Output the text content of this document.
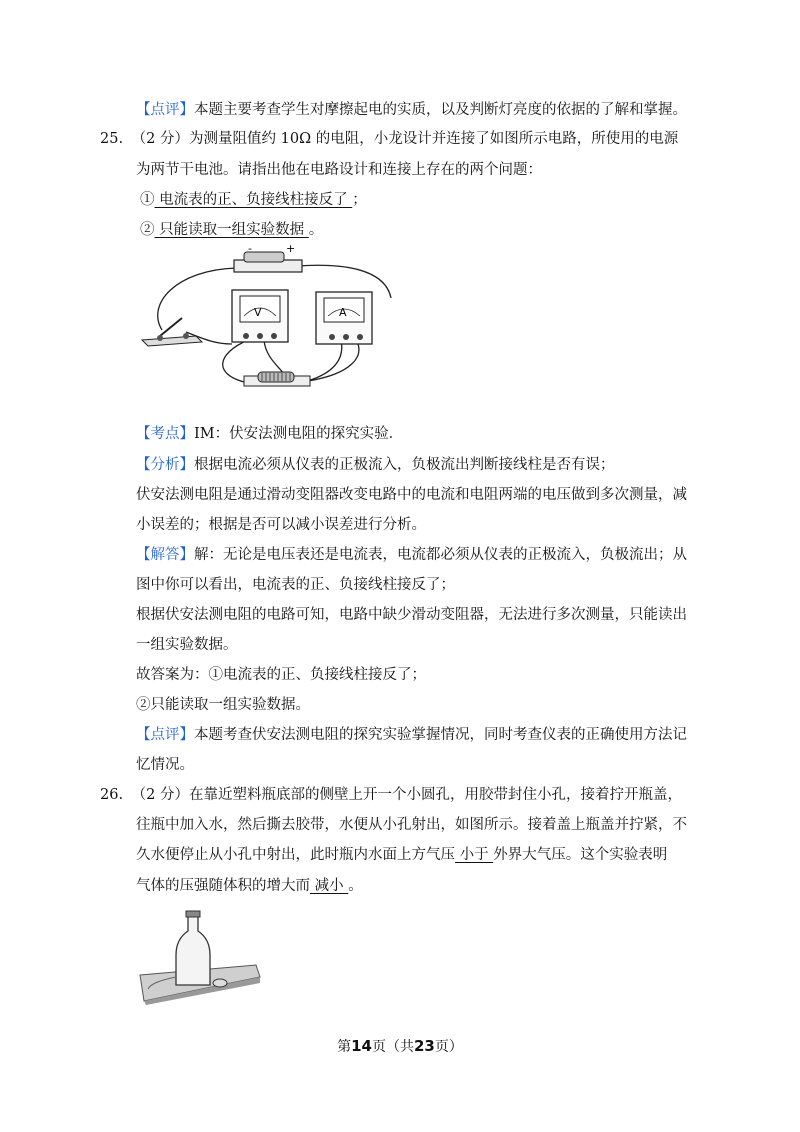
【点评】本题主要考查学生对摩擦起电的实质，以及判断灯亮度的依据的了解和掌握。
25. （2 分）为测量阻值约 10Ω 的电阻，小龙设计并连接了如图所示电路，所使用的电源
为两节干电池。请指出他在电路设计和连接上存在的两个问题：
① 电流表的正、负接线柱接反了 ；
② 只能读取一组实验数据 。
-	+
V	A
【考点】IM：伏安法测电阻的探究实验．
【分析】根据电流必须从仪表的正极流入，负极流出判断接线柱是否有误；
伏安法测电阻是通过滑动变阻器改变电路中的电流和电阻两端的电压做到多次测量，减
小误差的；根据是否可以减小误差进行分析。
【解答】解：无论是电压表还是电流表，电流都必须从仪表的正极流入，负极流出；从
图中你可以看出，电流表的正、负接线柱接反了；
根据伏安法测电阻的电路可知，电路中缺少滑动变阻器，无法进行多次测量，只能读出
一组实验数据。
故答案为：①电流表的正、负接线柱接反了；
②只能读取一组实验数据。
【点评】本题考查伏安法测电阻的探究实验掌握情况，同时考查仪表的正确使用方法记
忆情况。
26. （2 分）在靠近塑料瓶底部的侧壁上开一个小圆孔，用胶带封住小孔，接着拧开瓶盖，
往瓶中加入水，然后撕去胶带，水便从小孔射出，如图所示。接着盖上瓶盖并拧紧，不
久水便停止从小孔中射出，此时瓶内水面上方气压 小于 外界大气压。这个实验表明
气体的压强随体积的增大而 减小 。
第14页（共23页）
